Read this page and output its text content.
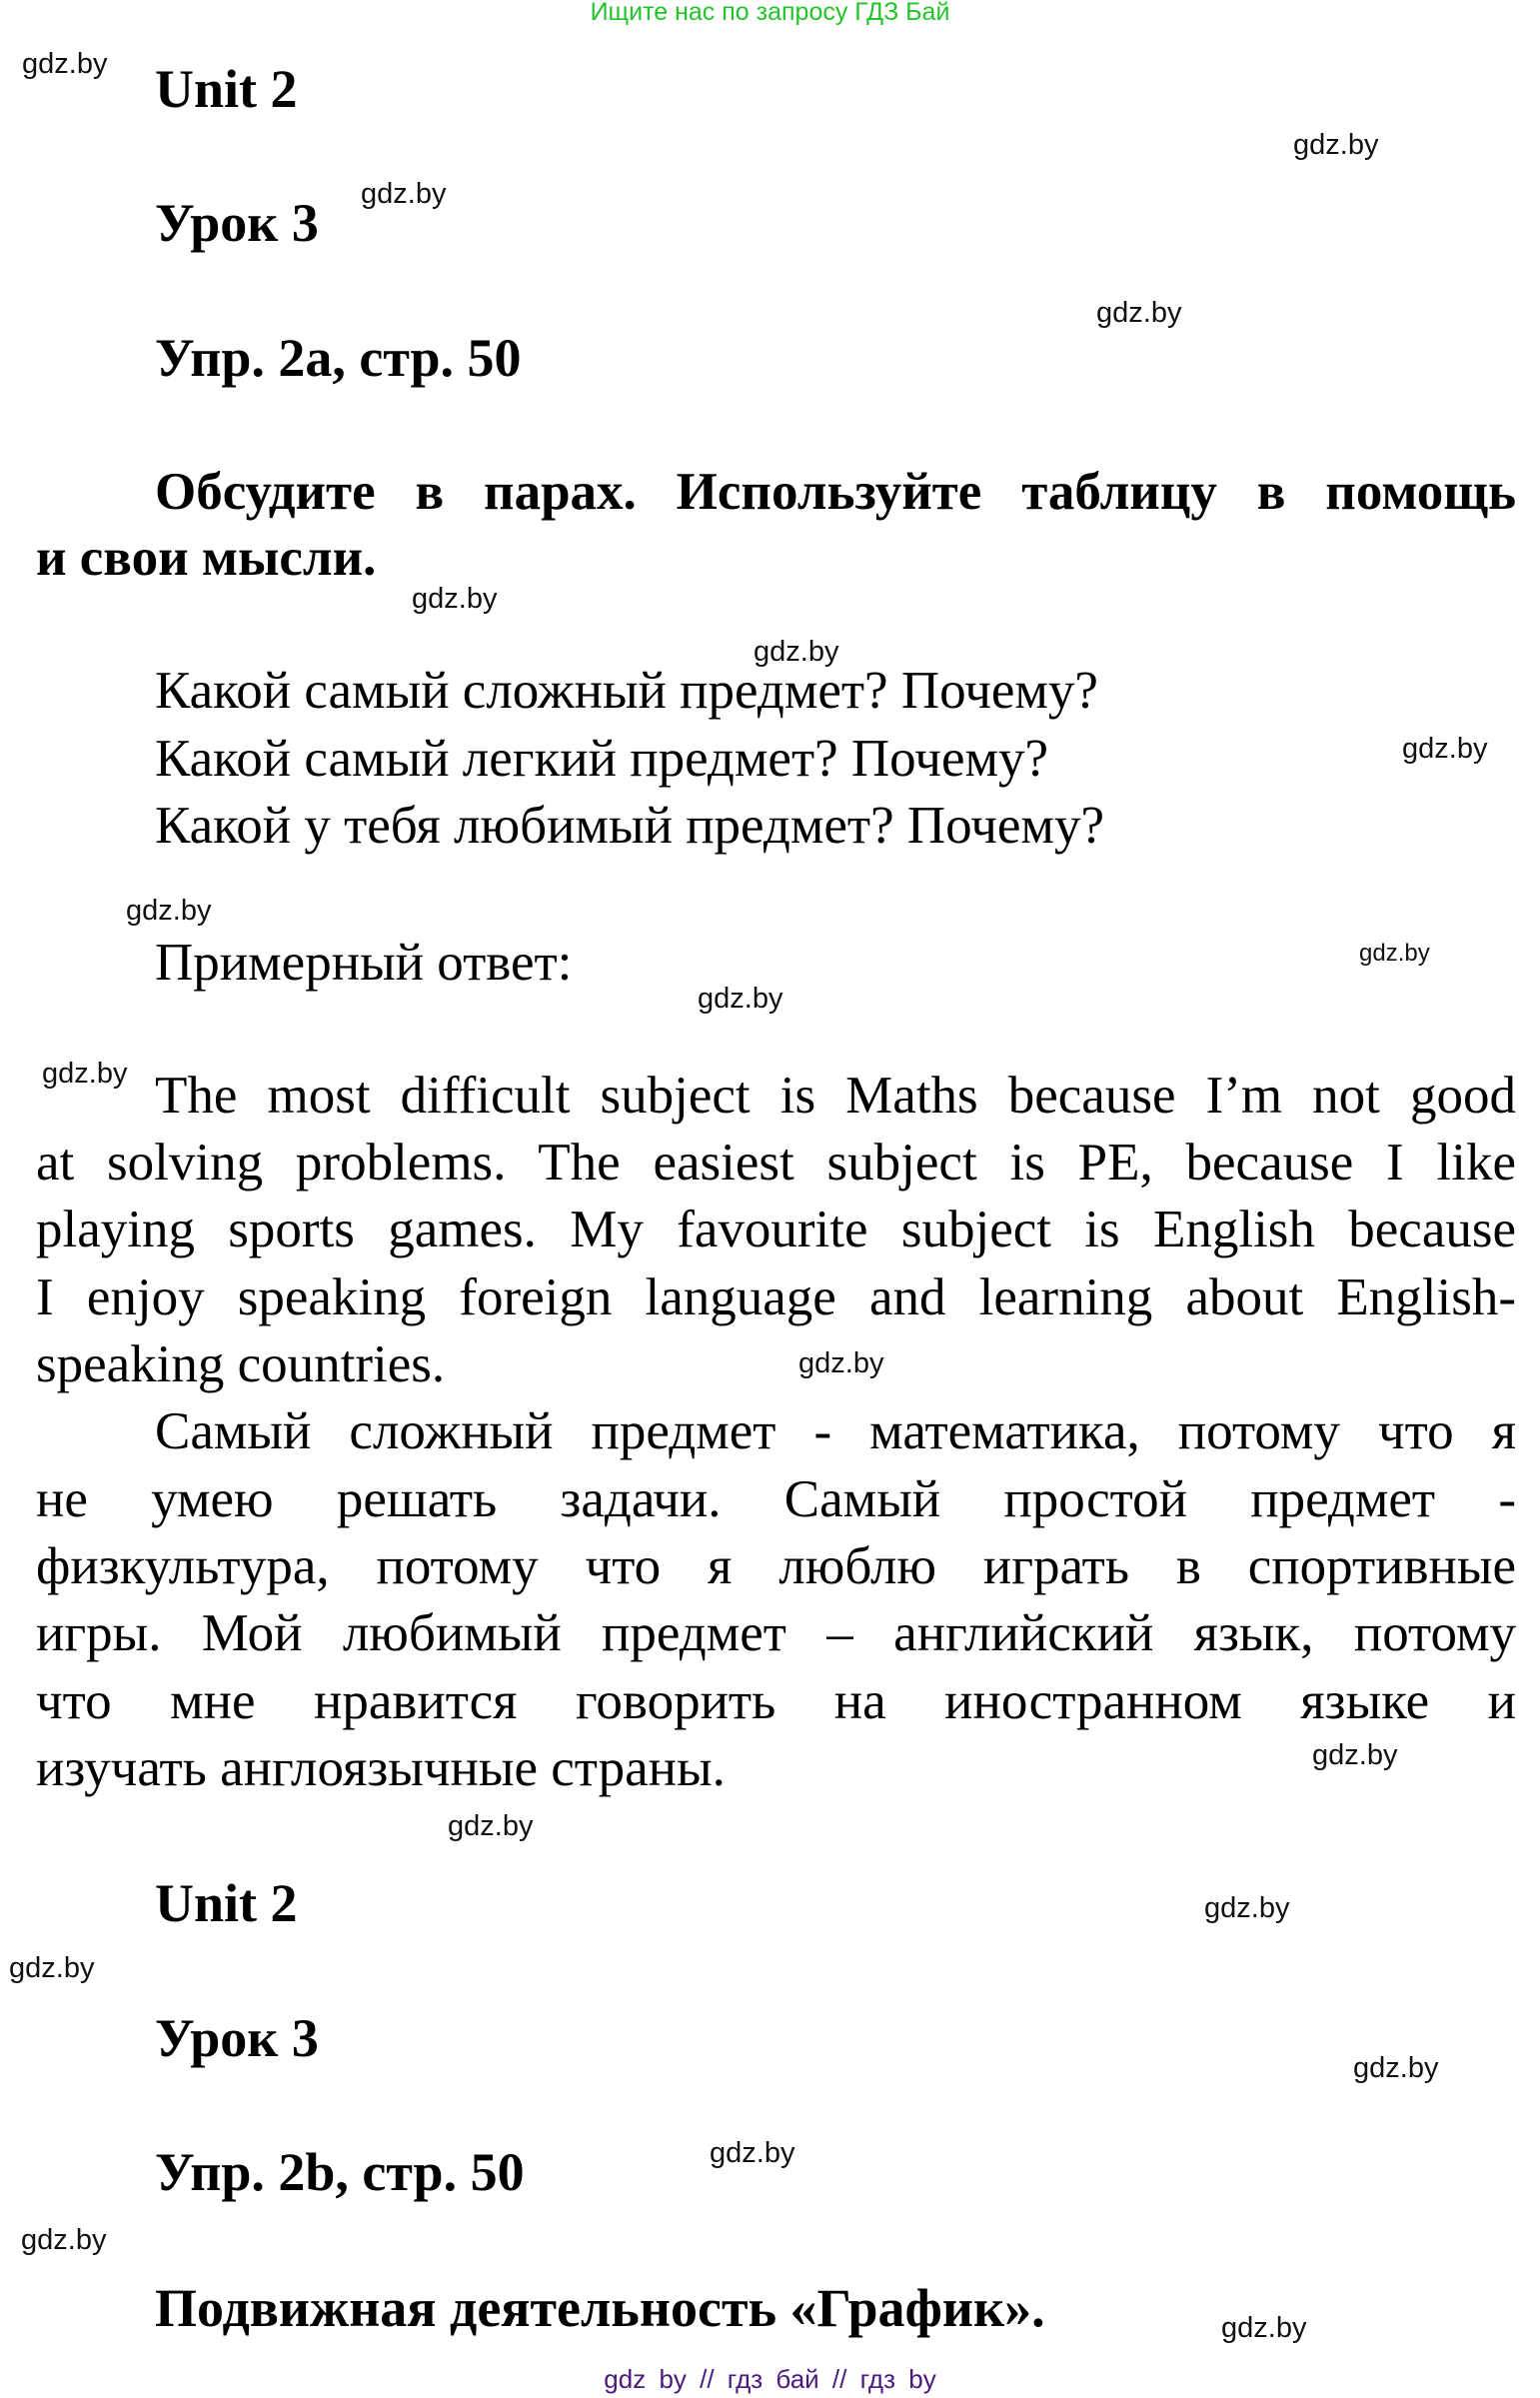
Ищите нас по запросу ГДЗ Бай
Unit 2
Урок 3
Упр. 2а, стр. 50
Обсудите в парах. Используйте таблицу в помощь
и свои мысли.
Какой самый сложный предмет? Почему?
Какой самый легкий предмет? Почему?
Какой у тебя любимый предмет? Почему?
Примерный ответ:
The most difficult subject is Maths because I’m not good
at solving problems. The easiest subject is PE, because I like
playing sports games. My favourite subject is English because
I enjoy speaking foreign language and learning about English-
speaking countries.
Самый сложный предмет - математика, потому что я
не умею решать задачи. Самый простой предмет -
физкультура, потому что я люблю играть в спортивные
игры. Мой любимый предмет – английский язык, потому
что мне нравится говорить на иностранном языке и
изучать англоязычные страны.
Unit 2
Урок 3
Упр. 2b, стр. 50
Подвижная деятельность «График».
gdz.by
gdz.by
gdz.by
gdz.by
gdz.by
gdz.by
gdz.by
gdz.by
gdz.by
gdz.by
gdz.by
gdz.by
gdz.by
gdz.by
gdz.by
gdz.by
gdz.by
gdz.by
gdz.by
gdz.by
gdz by // гдз бай // гдз by
